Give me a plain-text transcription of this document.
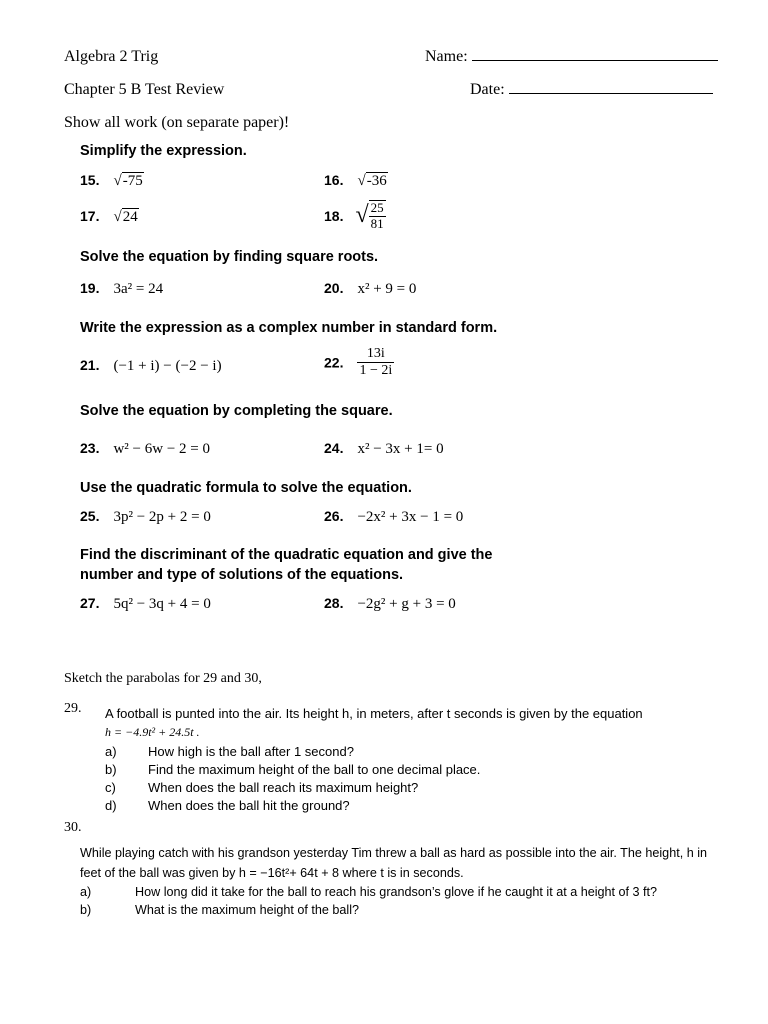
Algebra 2 Trig	Name:
Chapter 5 B Test Review	Date:
Show all work (on separate paper)!
Simplify the expression.
15. √-75	16. √-36
17. √24	18. √ $\frac{25}{81}$
Solve the equation by finding square roots.
19. 3a² = 24	20. x² + 9 = 0
Write the expression as a complex number in standard form.
21. (−1 + i) − (−2 − i)	22. $\frac{13i}{1 - 2i}$
Solve the equation by completing the square.
23. w² − 6w − 2 = 0	24. x² − 3x + 1= 0
Use the quadratic formula to solve the equation.
25. 3p² − 2p + 2 = 0	26. −2x² + 3x − 1 = 0
Find the discriminant of the quadratic equation and give the
number and type of solutions of the equations.
27. 5q² − 3q + 4 = 0	28. −2g² + g + 3 = 0
Sketch the parabolas for 29 and 30,
29. A football is punted into the air. Its height h, in meters, after t seconds is given by the equation
h = −4.9t² + 24.5t .
a) How high is the ball after 1 second?
b) Find the maximum height of the ball to one decimal place.
c) When does the ball reach its maximum height?
d) When does the ball hit the ground?
30.
While playing catch with his grandson yesterday Tim threw a ball as hard as possible into the air. The height, h in
feet of the ball was given by h = −16t²+ 64t + 8 where t is in seconds.
a)	How long did it take for the ball to reach his grandson’s glove if he caught it at a height of 3 ft?
b)	What is the maximum height of the ball?
